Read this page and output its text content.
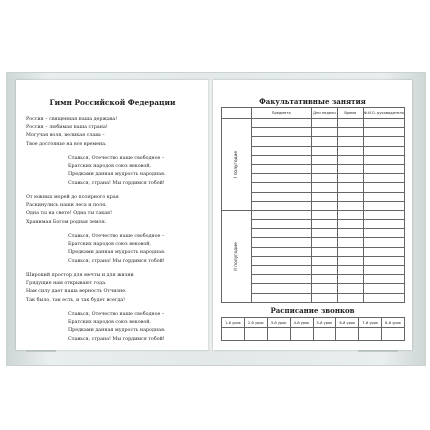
Гимн Российской Федерации
Россия – священная наша держава!
Россия – любимая наша страна!
Могучая воля, великая слава –
Твое достоянье на все времена.
Славься, Отечество наше свободное –
Братских народов союз вековой,
Предками данная мудрость народная.
Славься, страна! Мы гордимся тобой!
От южных морей до полярного края
Раскинулись наши леса и поля.
Одна ты на свете! Одна ты такая!
Хранимая Богом родная земля.
Славься, Отечество наше свободное –
Братских народов союз вековой,
Предками данная мудрость народная.
Славься, страна! Мы гордимся тобой!
Широкий простор для мечты и для жизни
Грядущие нам открывают года.
Нам силу дает наша верность Отчизне.
Так было, так есть, и так будет всегда!
Славься, Отечество наше свободное –
Братских народов союз вековой,
Предками данная мудрость народная.
Славься, страна! Мы гордимся тобой!
Факультативные занятия
	Предмета	Дни недели	Время	Ф.И.О. руководителя
I полугодие				

II полугодие				

Расписание звонков
1-й урок	2-й урок	3-й урок	4-й урок	5-й урок	6-й урок	7-й урок	8-й урок
